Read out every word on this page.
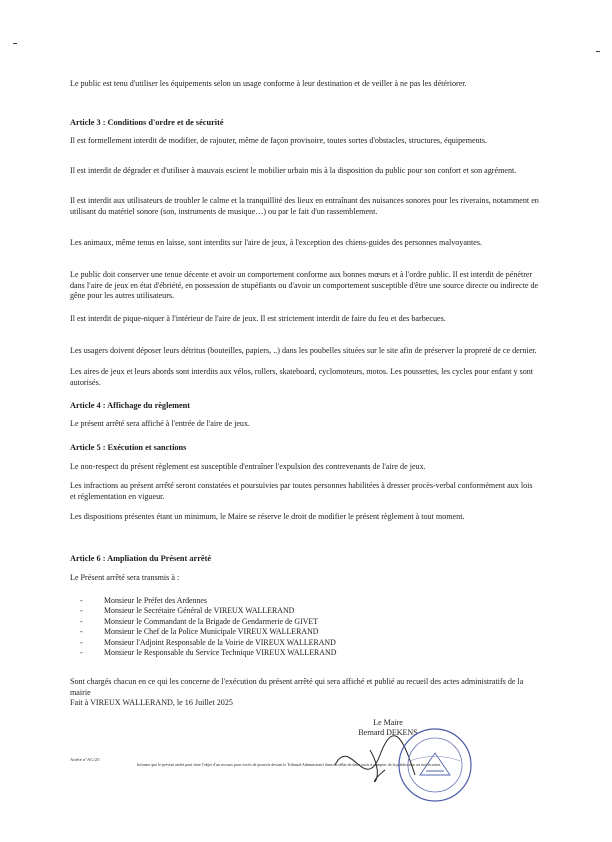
Le public est tenu d'utiliser les équipements selon un usage conforme à leur destination et de veiller à ne pas les détériorer.
Article 3 : Conditions d'ordre et de sécurité
Il est formellement interdit de modifier, de rajouter, même de façon provisoire, toutes sortes d'obstacles, structures, équipements.
Il est interdit de dégrader et d'utiliser à mauvais escient le mobilier urbain mis à la disposition du public pour son confort et son agrément.
Il est interdit aux utilisateurs de troubler le calme et la tranquillité des lieux en entraînant des nuisances sonores pour les riverains, notamment en utilisant du matériel sonore (son, instruments de musique…) ou par le fait d'un rassemblement.
Les animaux, même tenus en laisse, sont interdits sur l'aire de jeux, à l'exception des chiens-guides des personnes malvoyantes.
Le public doit conserver une tenue décente et avoir un comportement conforme aux bonnes mœurs et à l'ordre public. Il est interdit de pénétrer dans l'aire de jeux en état d'ébriété, en possession de stupéfiants ou d'avoir un comportement susceptible d'être une source directe ou indirecte de gêne pour les autres utilisateurs.
Il est interdit de pique-niquer à l'intérieur de l'aire de jeux. Il est strictement interdit de faire du feu et des barbecues.
Les usagers doivent déposer leurs détritus (bouteilles, papiers, ..) dans les poubelles situées sur le site afin de préserver la propreté de ce dernier.
Les aires de jeux et leurs abords sont interdits aux vélos, rollers, skateboard, cyclomoteurs, motos. Les poussettes, les cycles pour enfant y sont autorisés.
Article 4 : Affichage du règlement
Le présent arrêté sera affiché à l'entrée de l'aire de jeux.
Article 5 : Exécution et sanctions
Le non-respect du présent règlement est susceptible d'entraîner l'expulsion des contrevenants de l'aire de jeux.
Les infractions au présent arrêté seront constatées et poursuivies par toutes personnes habilitées à dresser procès-verbal conformément aux lois et réglementation en vigueur.
Les dispositions présentes étant un minimum, le Maire se réserve le droit de modifier le présent règlement à tout moment.
Article 6 : Ampliation du Présent arrêté
Le Présent arrêté sera transmis à :
-	Monsieur le Préfet des Ardennes
-	Monsieur le Secrétaire Général de VIREUX WALLERAND
-	Monsieur le Commandant de la Brigade de Gendarmerie de GIVET
-	Monsieur le Chef de la Police Municipale VIREUX WALLERAND
-	Monsieur l'Adjoint Responsable de la Voirie de VIREUX WALLERAND
-	Monsieur le Responsable du Service Technique VIREUX WALLERAND
Sont chargés chacun en ce qui les concerne de l'exécution du présent arrêté qui sera affiché et publié au recueil des actes administratifs de la mairie
Fait à VIREUX WALLERAND, le 16 Juillet 2025
Le Maire
Bernard DEKENS
Arrêté n°AG/25
Informe que le présent arrêté peut faire l'objet d'un recours pour excès de pouvoir devant le Tribunal Administratif dans un délai de deux mois à compter de la publication ou notification.
